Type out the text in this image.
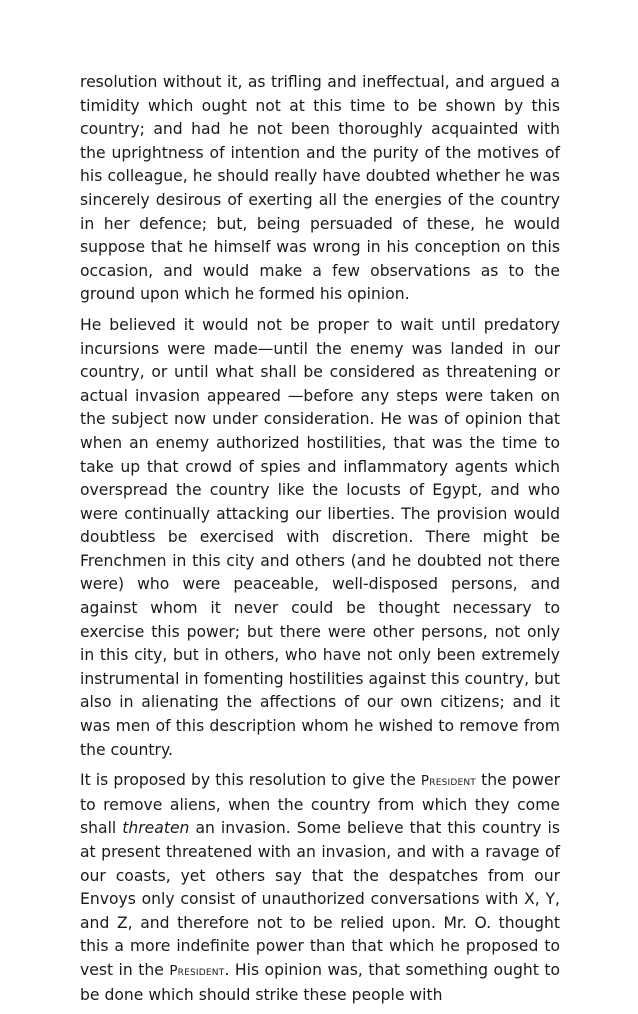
resolution without it, as trifling and ineffectual, and argued a timidity which ought not at this time to be shown by this country; and had he not been thoroughly acquainted with the uprightness of intention and the purity of the motives of his colleague, he should really have doubted whether he was sincerely desirous of exerting all the energies of the country in her defence; but, being persuaded of these, he would suppose that he himself was wrong in his conception on this occasion, and would make a few observations as to the ground upon which he formed his opinion.

He believed it would not be proper to wait until predatory incursions were made—until the enemy was landed in our country, or until what shall be considered as threatening or actual invasion appeared —before any steps were taken on the subject now under consideration. He was of opinion that when an enemy authorized hostilities, that was the time to take up that crowd of spies and inflammatory agents which overspread the country like the locusts of Egypt, and who were continually attacking our liberties. The provision would doubtless be exercised with discretion. There might be Frenchmen in this city and others (and he doubted not there were) who were peaceable, well-disposed persons, and against whom it never could be thought necessary to exercise this power; but there were other persons, not only in this city, but in others, who have not only been extremely instrumental in fomenting hostilities against this country, but also in alienating the affections of our own citizens; and it was men of this description whom he wished to remove from the country.

It is proposed by this resolution to give the President the power to remove aliens, when the country from which they come shall threaten an invasion. Some believe that this country is at present threatened with an invasion, and with a ravage of our coasts, yet others say that the despatches from our Envoys only consist of unauthorized conversations with X, Y, and Z, and therefore not to be relied upon. Mr. O. thought this a more indefinite power than that which he proposed to vest in the President. His opinion was, that something ought to be done which should strike these people with
